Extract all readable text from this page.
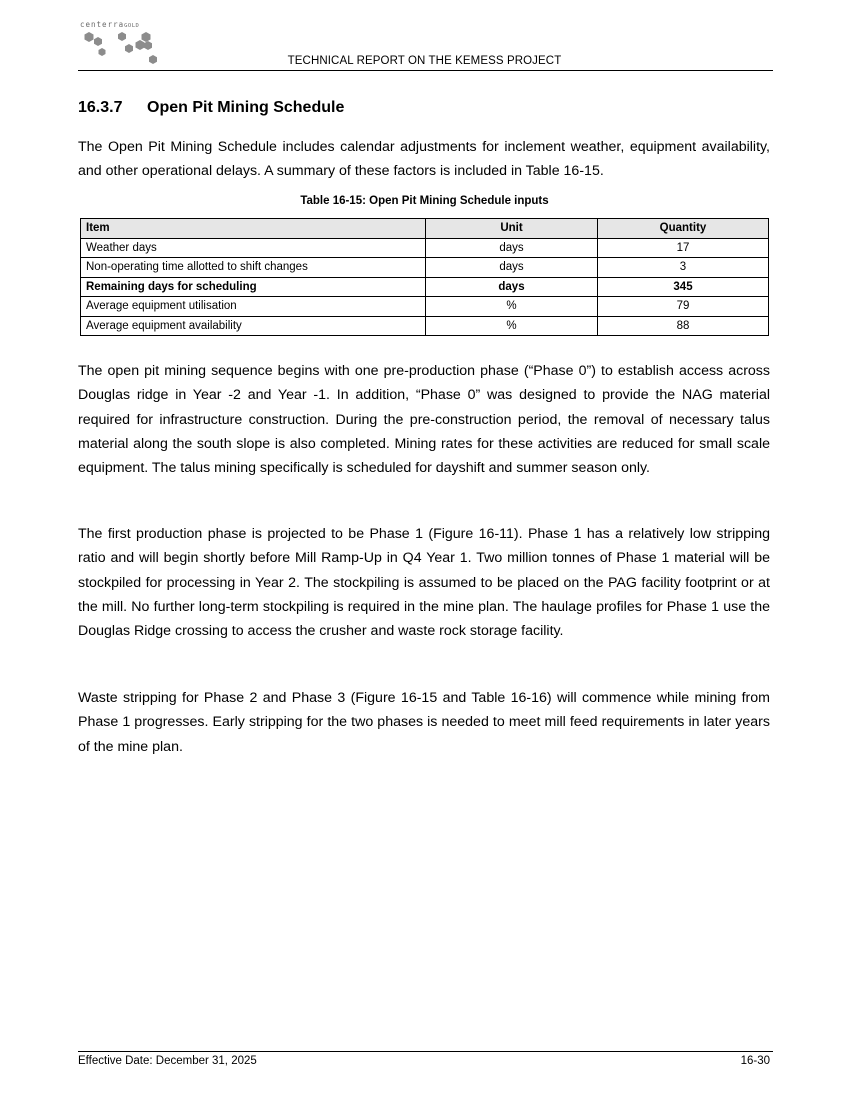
centerraGOLD
TECHNICAL REPORT ON THE KEMESS PROJECT
16.3.7 Open Pit Mining Schedule

The Open Pit Mining Schedule includes calendar adjustments for inclement weather, equipment availability, and other operational delays. A summary of these factors is included in Table 16-15.

Table 16-15: Open Pit Mining Schedule inputs
Item	Unit	Quantity
Weather days	days	17
Non-operating time allotted to shift changes	days	3
Remaining days for scheduling	days	345
Average equipment utilisation	%	79
Average equipment availability	%	88

The open pit mining sequence begins with one pre-production phase (“Phase 0”) to establish access across Douglas ridge in Year -2 and Year -1. In addition, “Phase 0” was designed to provide the NAG material required for infrastructure construction. During the pre-construction period, the removal of necessary talus material along the south slope is also completed. Mining rates for these activities are reduced for small scale equipment. The talus mining specifically is scheduled for dayshift and summer season only.

The first production phase is projected to be Phase 1 (Figure 16-11). Phase 1 has a relatively low stripping ratio and will begin shortly before Mill Ramp-Up in Q4 Year 1. Two million tonnes of Phase 1 material will be stockpiled for processing in Year 2. The stockpiling is assumed to be placed on the PAG facility footprint or at the mill. No further long-term stockpiling is required in the mine plan. The haulage profiles for Phase 1 use the Douglas Ridge crossing to access the crusher and waste rock storage facility.

Waste stripping for Phase 2 and Phase 3 (Figure 16-15 and Table 16-16) will commence while mining from Phase 1 progresses. Early stripping for the two phases is needed to meet mill feed requirements in later years of the mine plan.

Effective Date: December 31, 2025	16-30
